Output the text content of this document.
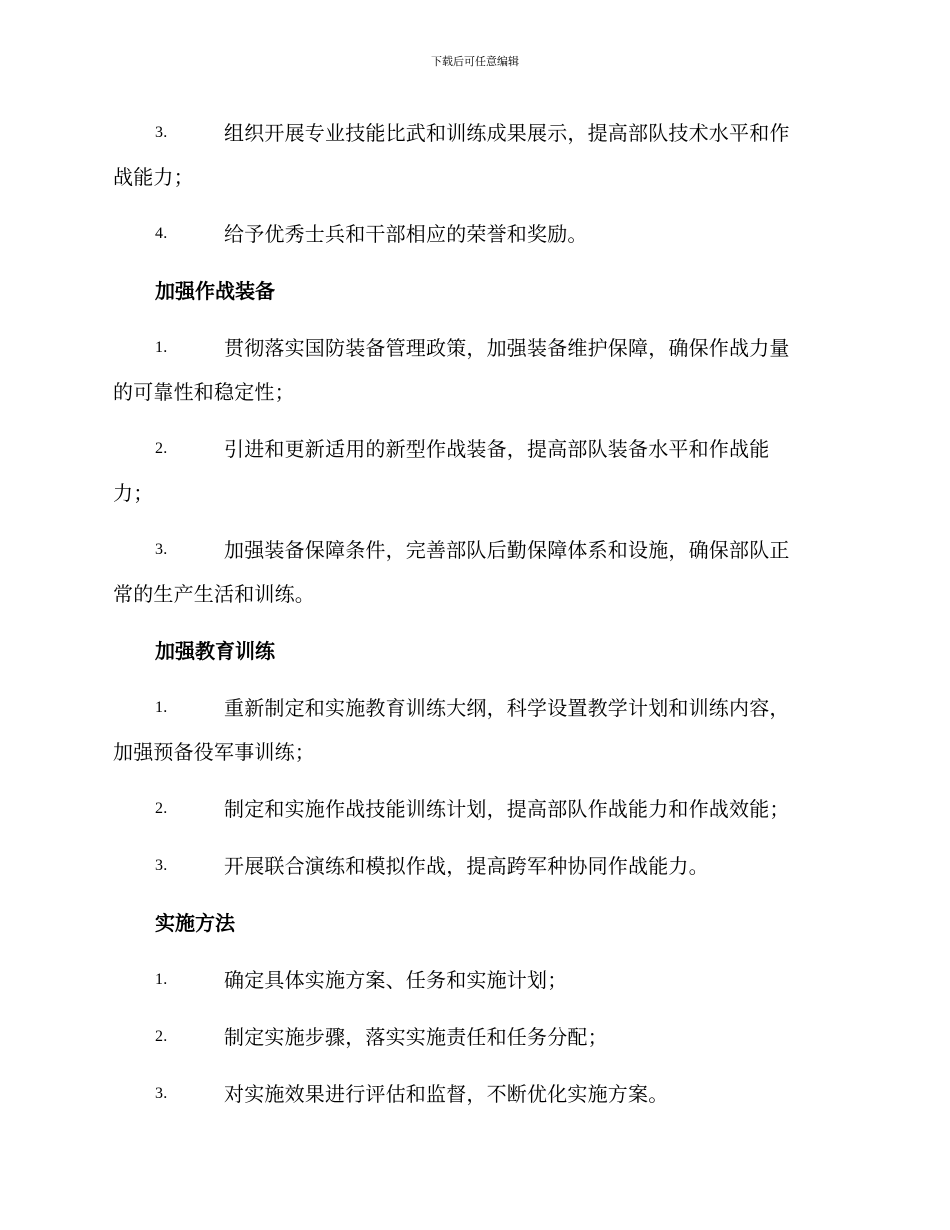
下载后可任意编辑
3.	组织开展专业技能比武和训练成果展示，提高部队技术水平和作
战能力；
4.	给予优秀士兵和干部相应的荣誉和奖励。
加强作战装备
1.	贯彻落实国防装备管理政策，加强装备维护保障，确保作战力量
的可靠性和稳定性；
2.	引进和更新适用的新型作战装备，提高部队装备水平和作战能
力；
3.	加强装备保障条件，完善部队后勤保障体系和设施，确保部队正
常的生产生活和训练。
加强教育训练
1.	重新制定和实施教育训练大纲，科学设置教学计划和训练内容，
加强预备役军事训练；
2.	制定和实施作战技能训练计划，提高部队作战能力和作战效能；
3.	开展联合演练和模拟作战，提高跨军种协同作战能力。
实施方法
1.	确定具体实施方案、任务和实施计划；
2.	制定实施步骤，落实实施责任和任务分配；
3.	对实施效果进行评估和监督，不断优化实施方案。
